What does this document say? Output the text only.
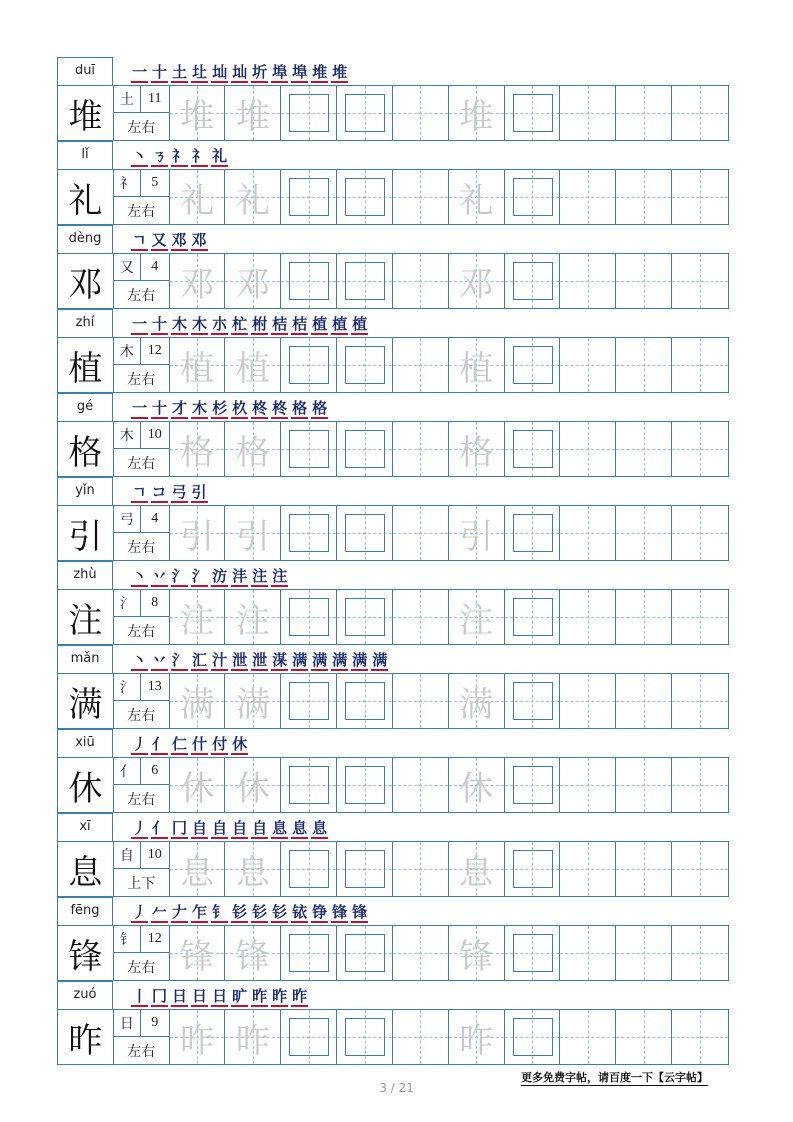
duī	一 十 土 圵 圸 圸 圻 埠 埠 堆 堆
堆	土	11
左右 堆 堆	堆
lǐ	丶 ㄋ 礻 礻 礼
礼	礻	5
左右 礼 礼	礼
dèng	ㄱ 又 邓 邓
邓	又	4
左右 邓 邓	邓
zhí	一 十 木 木 朩 杧 柎 桔 桔 植 植 植
植	木 12
左右 植 植	植
gé	一 十 才 木 杉 杦 柊 柊 格 格
格	木 10
左右 格 格	格
yǐn	ㄱ コ 弓 引
引	弓	4
左右 引 引	引
zhù	丶 丷 氵 氵 汸 沣 注 注
注	氵	8
左右 注 注	注
mǎn	丶 丷 氵 汇 汁 泄 泄 湈 满 满 满 满 满
满	氵 13
左右 满 满	满
xiū	丿 亻 仁 什 付 休
休	亻	6
左右 休 休	休
xī	丿 亻 冂 自 自 自 自 息 息 息
息	自 10
上下 息 息	息
fēng	丿 𠂉 𠂇 乍 钅 钐 钐 钐 铱 铮 锋 锋
锋	钅 12
左右 锋 锋	锋
zuó	丨 冂 日 日 日 旷 昨 昨 昨
昨	日	9
左右 昨 昨	昨
更多免费字帖，请百度一下【云字帖】
3 / 21
